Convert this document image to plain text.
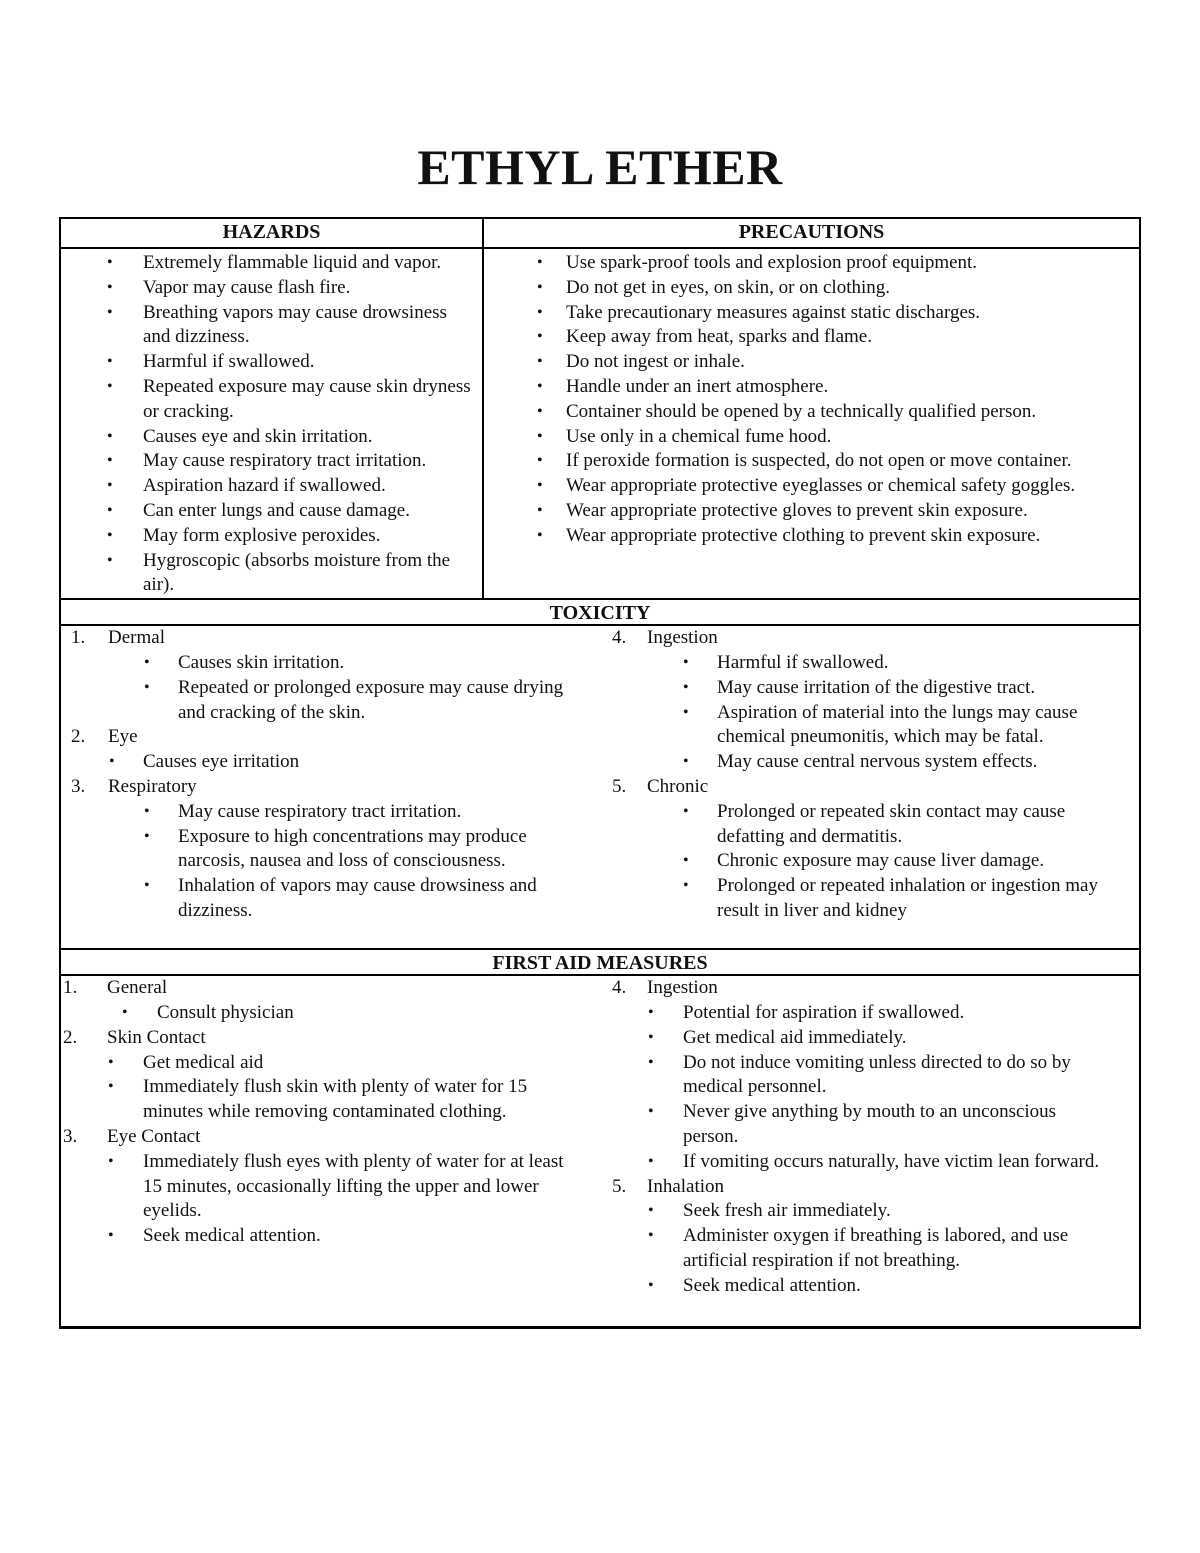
ETHYL ETHER
HAZARDS	PRECAUTIONS
• Extremely flammable liquid and vapor.
• Vapor may cause flash fire.
• Breathing vapors may cause drowsiness and dizziness.
• Harmful if swallowed.
• Repeated exposure may cause skin dryness or cracking.
• Causes eye and skin irritation.
• May cause respiratory tract irritation.
• Aspiration hazard if swallowed.
• Can enter lungs and cause damage.
• May form explosive peroxides.
• Hygroscopic (absorbs moisture from the air).
• Use spark-proof tools and explosion proof equipment.
• Do not get in eyes, on skin, or on clothing.
• Take precautionary measures against static discharges.
• Keep away from heat, sparks and flame.
• Do not ingest or inhale.
• Handle under an inert atmosphere.
• Container should be opened by a technically qualified person.
• Use only in a chemical fume hood.
• If peroxide formation is suspected, do not open or move container.
• Wear appropriate protective eyeglasses or chemical safety goggles.
• Wear appropriate protective gloves to prevent skin exposure.
• Wear appropriate protective clothing to prevent skin exposure.
TOXICITY
1. Dermal
• Causes skin irritation.
• Repeated or prolonged exposure may cause drying and cracking of the skin.
2. Eye
• Causes eye irritation
3. Respiratory
• May cause respiratory tract irritation.
• Exposure to high concentrations may produce narcosis, nausea and loss of consciousness.
• Inhalation of vapors may cause drowsiness and dizziness.
4. Ingestion
• Harmful if swallowed.
• May cause irritation of the digestive tract.
• Aspiration of material into the lungs may cause chemical pneumonitis, which may be fatal.
• May cause central nervous system effects.
5. Chronic
• Prolonged or repeated skin contact may cause defatting and dermatitis.
• Chronic exposure may cause liver damage.
• Prolonged or repeated inhalation or ingestion may result in liver and kidney
FIRST AID MEASURES
1. General
• Consult physician
2. Skin Contact
• Get medical aid
• Immediately flush skin with plenty of water for 15 minutes while removing contaminated clothing.
3. Eye Contact
• Immediately flush eyes with plenty of water for at least 15 minutes, occasionally lifting the upper and lower eyelids.
• Seek medical attention.
4. Ingestion
• Potential for aspiration if swallowed.
• Get medical aid immediately.
• Do not induce vomiting unless directed to do so by medical personnel.
• Never give anything by mouth to an unconscious person.
• If vomiting occurs naturally, have victim lean forward.
5. Inhalation
• Seek fresh air immediately.
• Administer oxygen if breathing is labored, and use artificial respiration if not breathing.
• Seek medical attention.
